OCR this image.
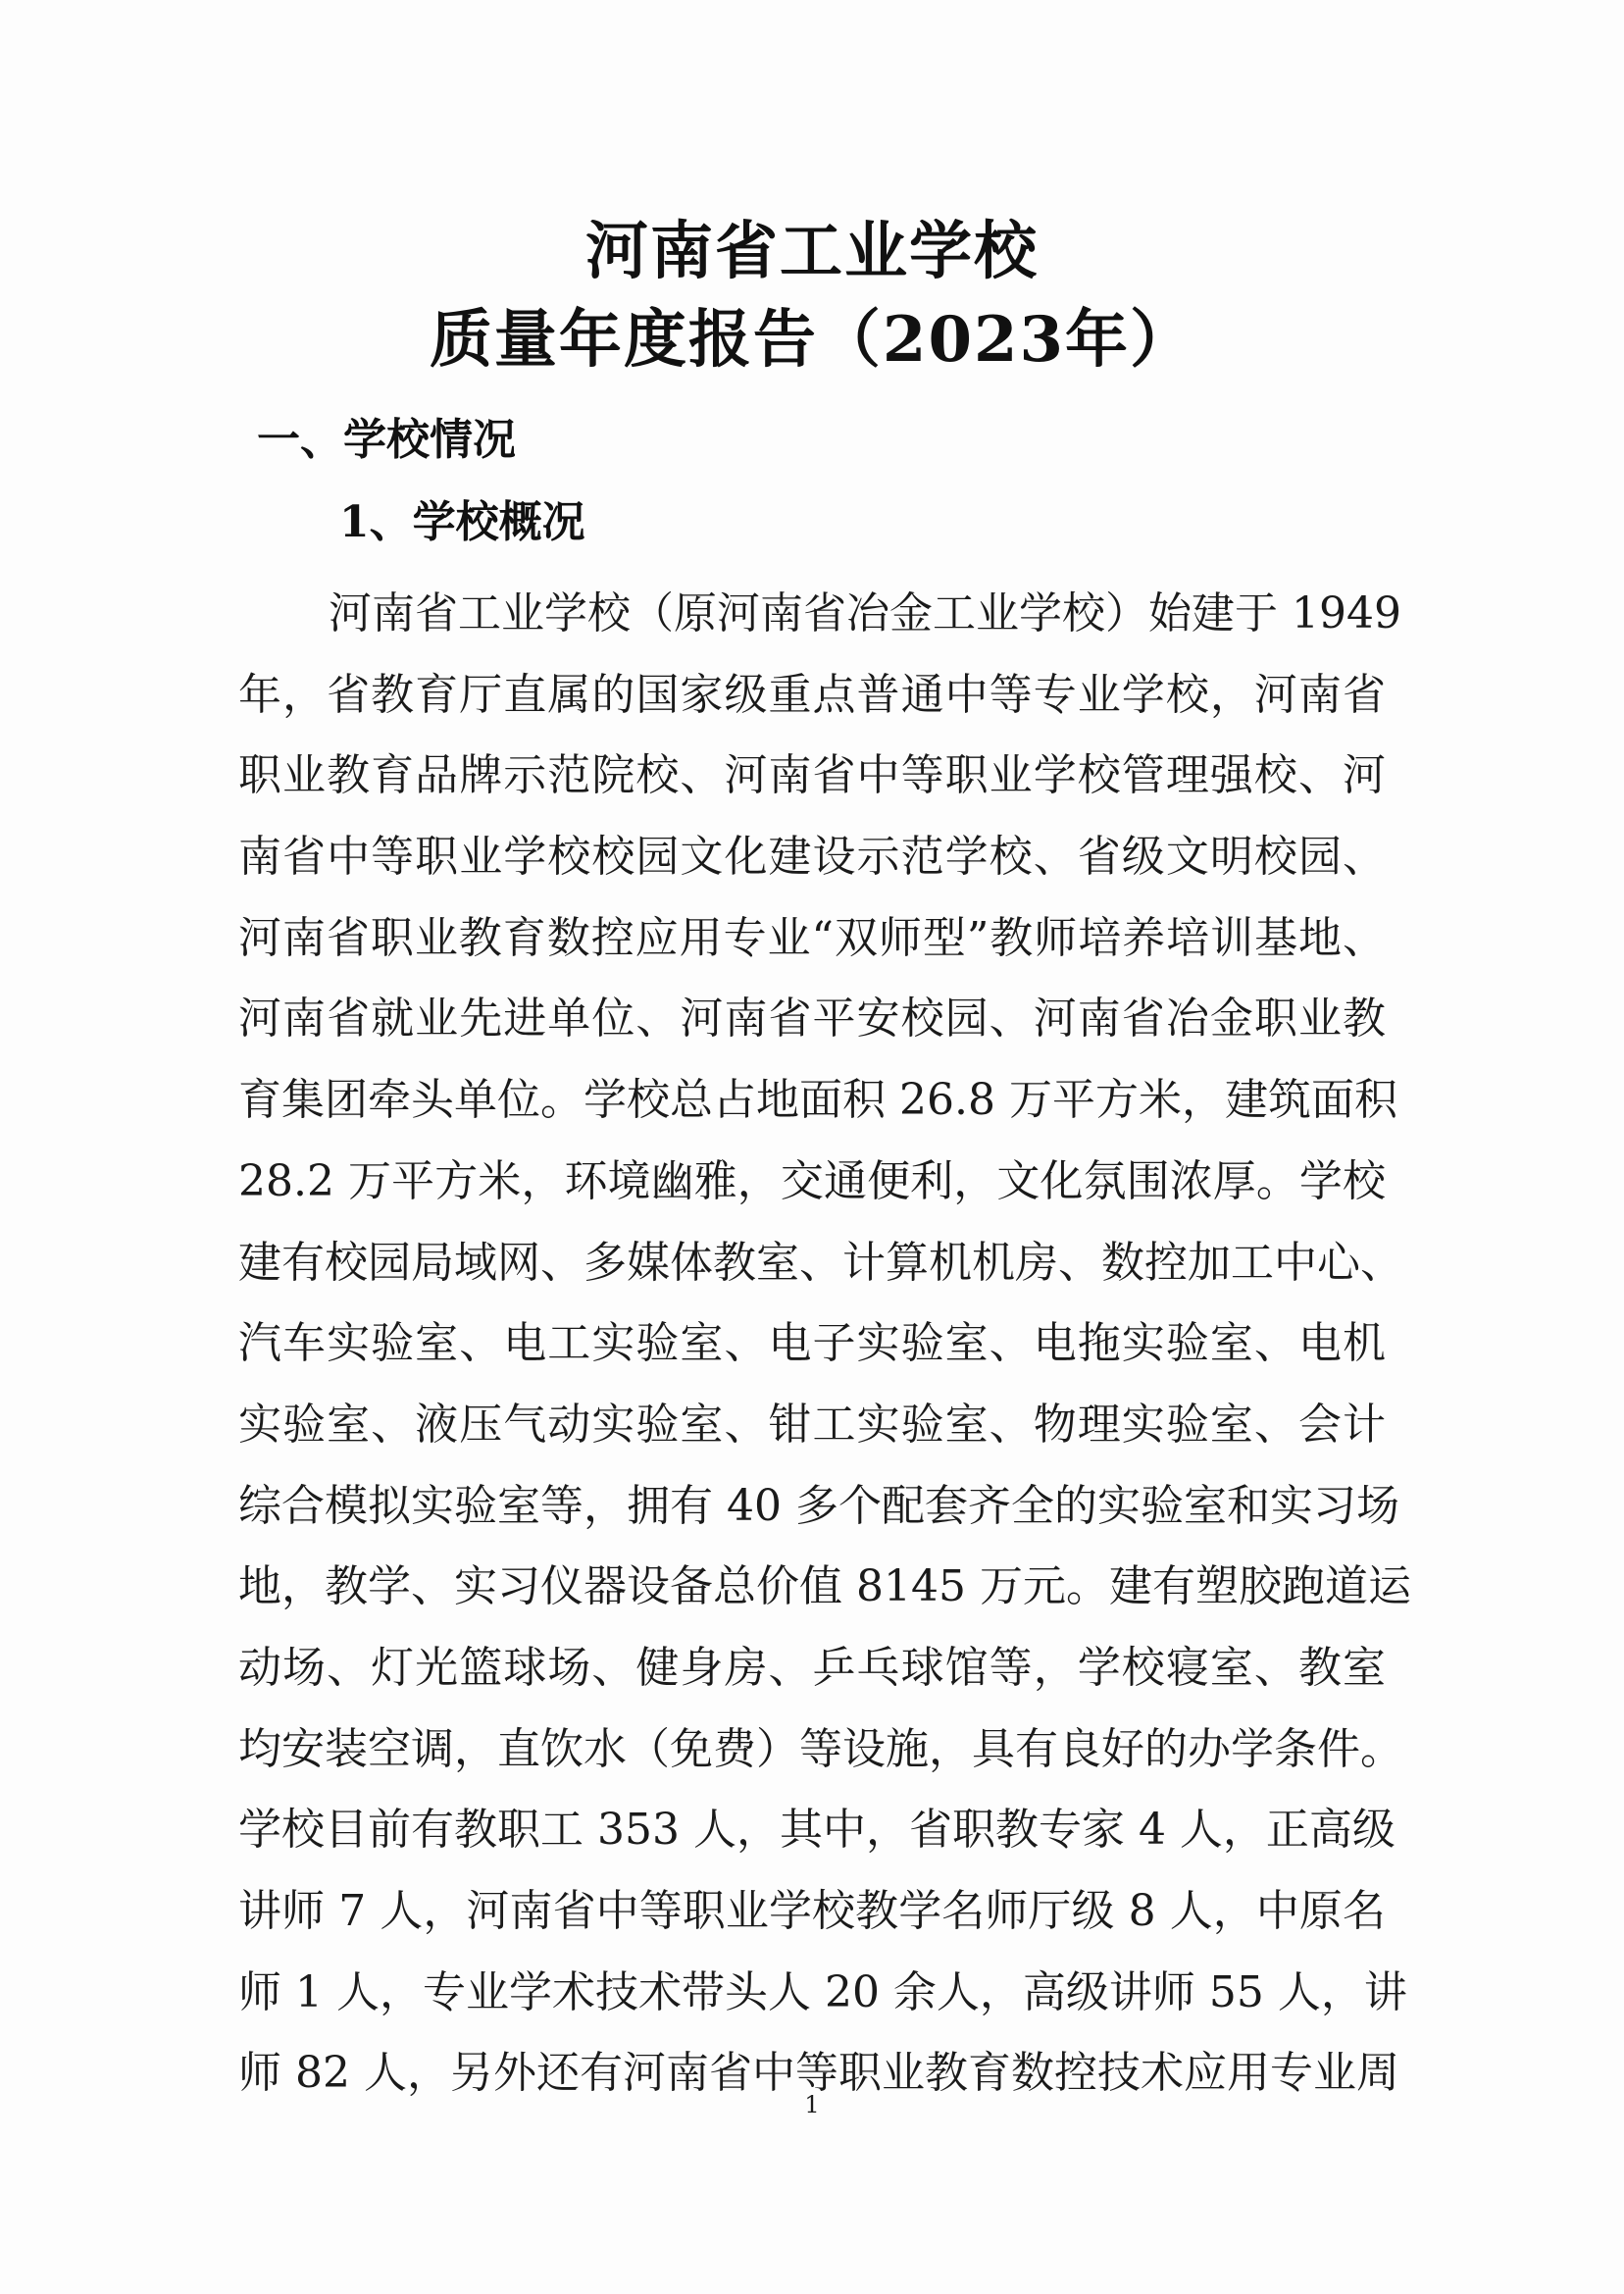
河南省工业学校
质量年度报告（2023年）
一、学校情况
1、学校概况
河南省工业学校（原河南省冶金工业学校）始建于 1949
年，省教育厅直属的国家级重点普通中等专业学校，河南省
职业教育品牌示范院校、河南省中等职业学校管理强校、河
南省中等职业学校校园文化建设示范学校、省级文明校园、
河南省职业教育数控应用专业“双师型”教师培养培训基地、
河南省就业先进单位、河南省平安校园、河南省冶金职业教
育集团牵头单位。学校总占地面积 26.8 万平方米，建筑面积
28.2 万平方米，环境幽雅，交通便利，文化氛围浓厚。学校
建有校园局域网、多媒体教室、计算机机房、数控加工中心、
汽车实验室、电工实验室、电子实验室、电拖实验室、电机
实验室、液压气动实验室、钳工实验室、物理实验室、会计
综合模拟实验室等，拥有 40 多个配套齐全的实验室和实习场
地，教学、实习仪器设备总价值 8145 万元。建有塑胶跑道运
动场、灯光篮球场、健身房、乒乓球馆等，学校寝室、教室
均安装空调，直饮水（免费）等设施，具有良好的办学条件。
学校目前有教职工 353 人，其中，省职教专家 4 人，正高级
讲师 7 人，河南省中等职业学校教学名师厅级 8 人，中原名
师 1 人，专业学术技术带头人 20 余人，高级讲师 55 人，讲
师 82 人，另外还有河南省中等职业教育数控技术应用专业周
1
